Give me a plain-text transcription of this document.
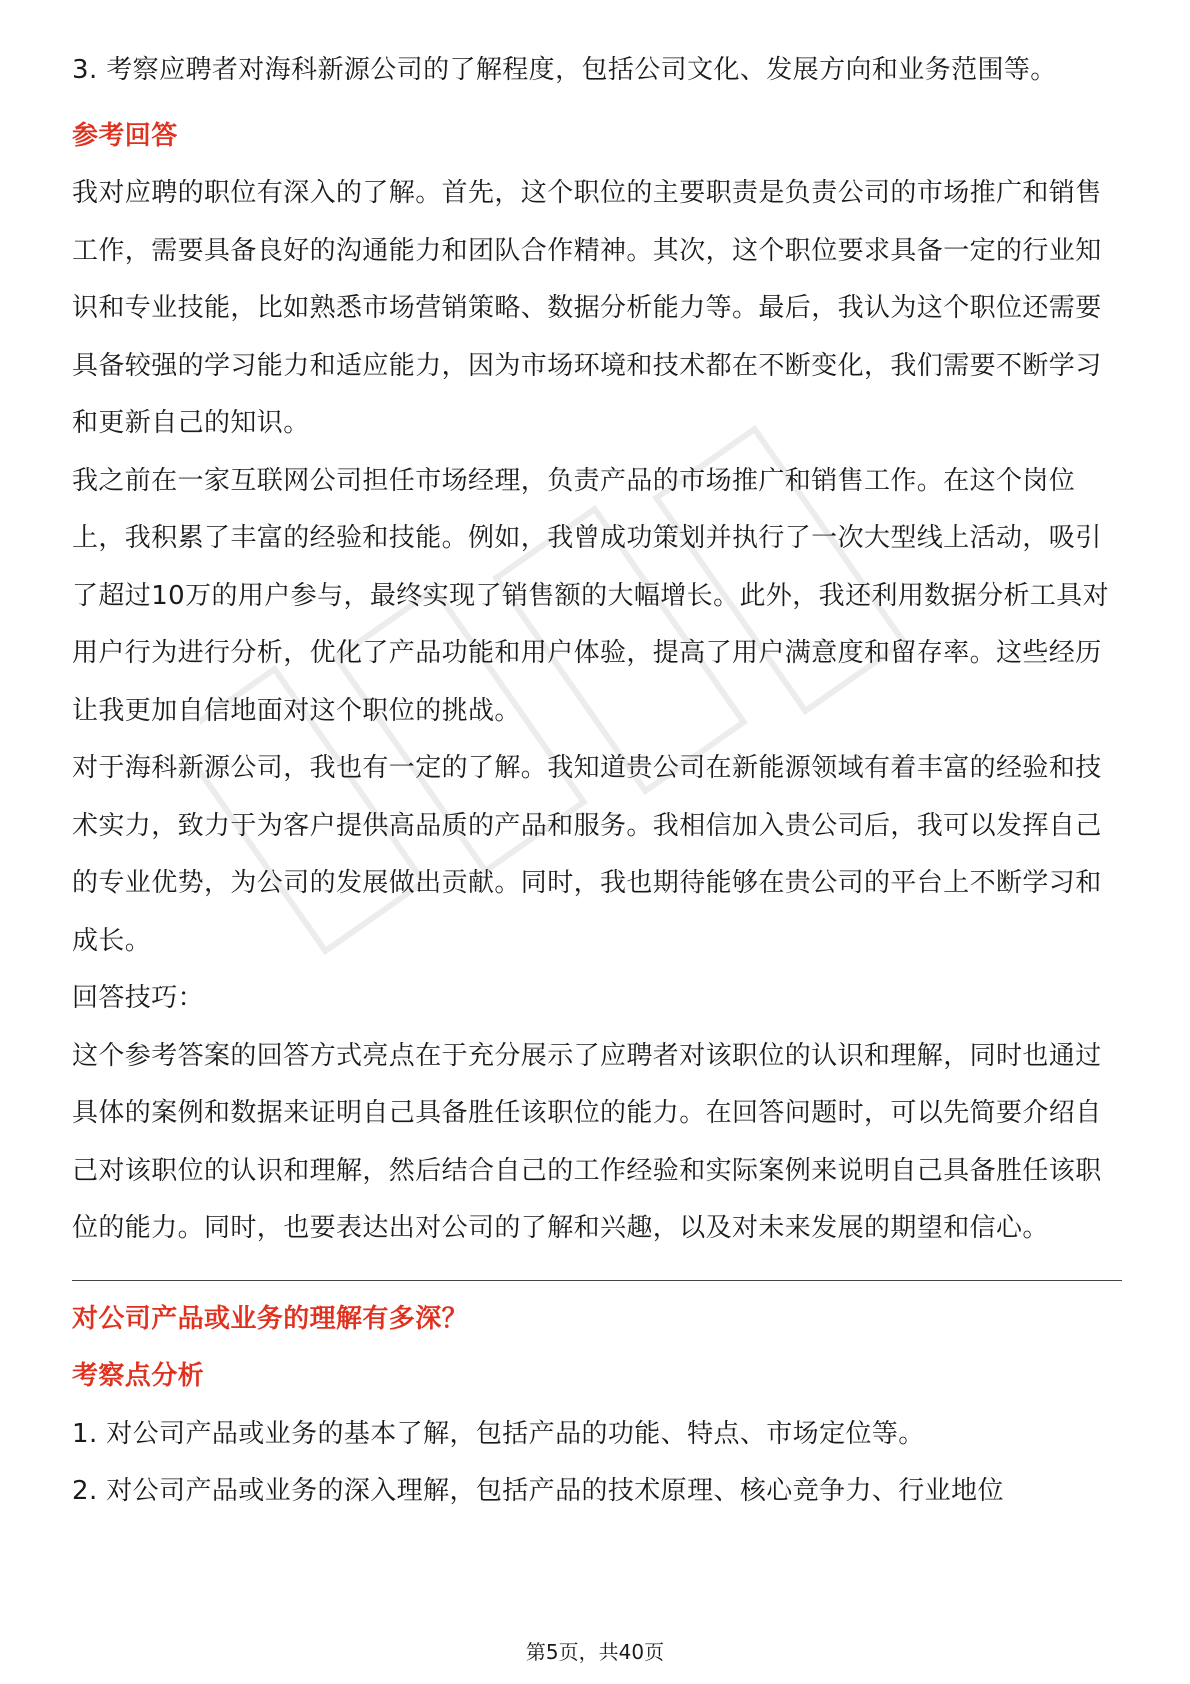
3. 考察应聘者对海科新源公司的了解程度，包括公司文化、发展方向和业务范围等。

参考回答

我对应聘的职位有深入的了解。首先，这个职位的主要职责是负责公司的市场推广和销售工作，需要具备良好的沟通能力和团队合作精神。其次，这个职位要求具备一定的行业知识和专业技能，比如熟悉市场营销策略、数据分析能力等。最后，我认为这个职位还需要具备较强的学习能力和适应能力，因为市场环境和技术都在不断变化，我们需要不断学习和更新自己的知识。

我之前在一家互联网公司担任市场经理，负责产品的市场推广和销售工作。在这个岗位上，我积累了丰富的经验和技能。例如，我曾成功策划并执行了一次大型线上活动，吸引了超过10万的用户参与，最终实现了销售额的大幅增长。此外，我还利用数据分析工具对用户行为进行分析，优化了产品功能和用户体验，提高了用户满意度和留存率。这些经历让我更加自信地面对这个职位的挑战。

对于海科新源公司，我也有一定的了解。我知道贵公司在新能源领域有着丰富的经验和技术实力，致力于为客户提供高品质的产品和服务。我相信加入贵公司后，我可以发挥自己的专业优势，为公司的发展做出贡献。同时，我也期待能够在贵公司的平台上不断学习和成长。

回答技巧：

这个参考答案的回答方式亮点在于充分展示了应聘者对该职位的认识和理解，同时也通过具体的案例和数据来证明自己具备胜任该职位的能力。在回答问题时，可以先简要介绍自己对该职位的认识和理解，然后结合自己的工作经验和实际案例来说明自己具备胜任该职位的能力。同时，也要表达出对公司的了解和兴趣，以及对未来发展的期望和信心。

对公司产品或业务的理解有多深？

考察点分析

1. 对公司产品或业务的基本了解，包括产品的功能、特点、市场定位等。

2. 对公司产品或业务的深入理解，包括产品的技术原理、核心竞争力、行业地位

第5页，共40页
